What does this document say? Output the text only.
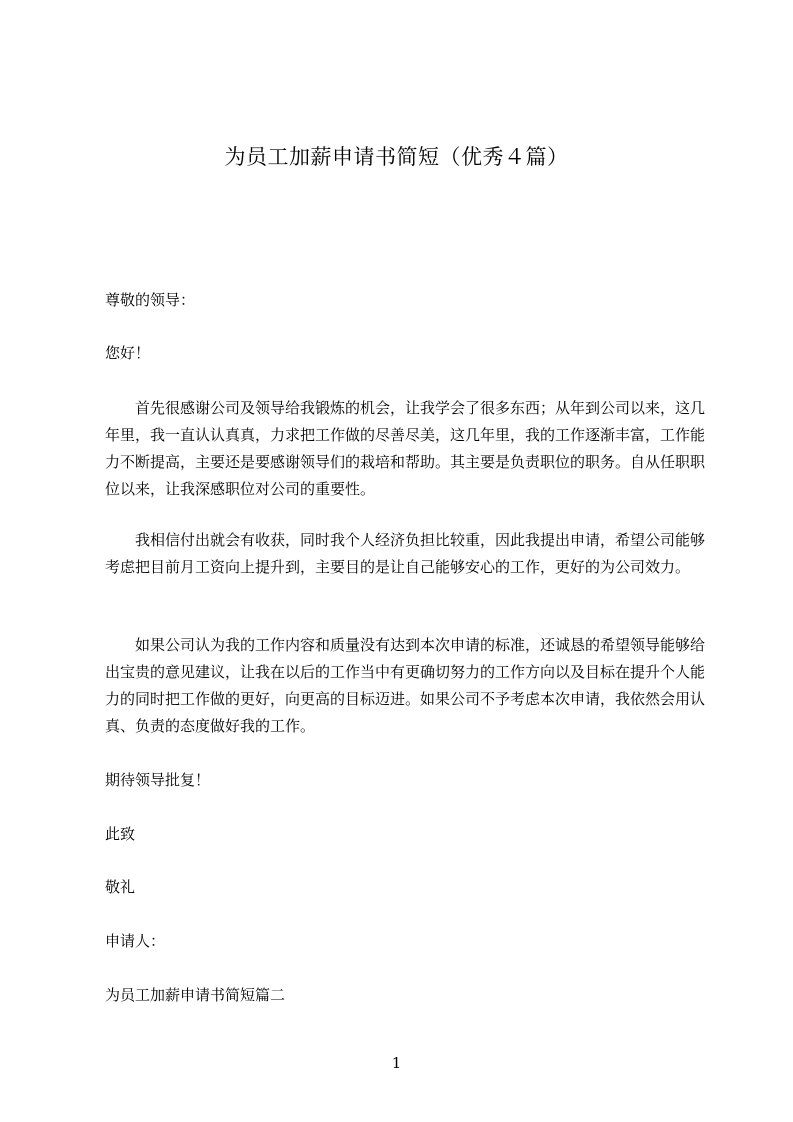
为员工加薪申请书简短（优秀４篇）
尊敬的领导：
您好！
首先很感谢公司及领导给我锻炼的机会，让我学会了很多东西；从年到公司以来，这几年里，我一直认认真真，力求把工作做的尽善尽美，这几年里，我的工作逐渐丰富，工作能力不断提高，主要还是要感谢领导们的栽培和帮助。其主要是负责职位的职务。自从任职职位以来，让我深感职位对公司的重要性。
我相信付出就会有收获，同时我个人经济负担比较重，因此我提出申请，希望公司能够考虑把目前月工资向上提升到，主要目的是让自己能够安心的工作，更好的为公司效力。
如果公司认为我的工作内容和质量没有达到本次申请的标准，还诚恳的希望领导能够给出宝贵的意见建议，让我在以后的工作当中有更确切努力的工作方向以及目标在提升个人能力的同时把工作做的更好，向更高的目标迈进。如果公司不予考虑本次申请，我依然会用认真、负责的态度做好我的工作。
期待领导批复！
此致
敬礼
申请人：
为员工加薪申请书简短篇二
1
